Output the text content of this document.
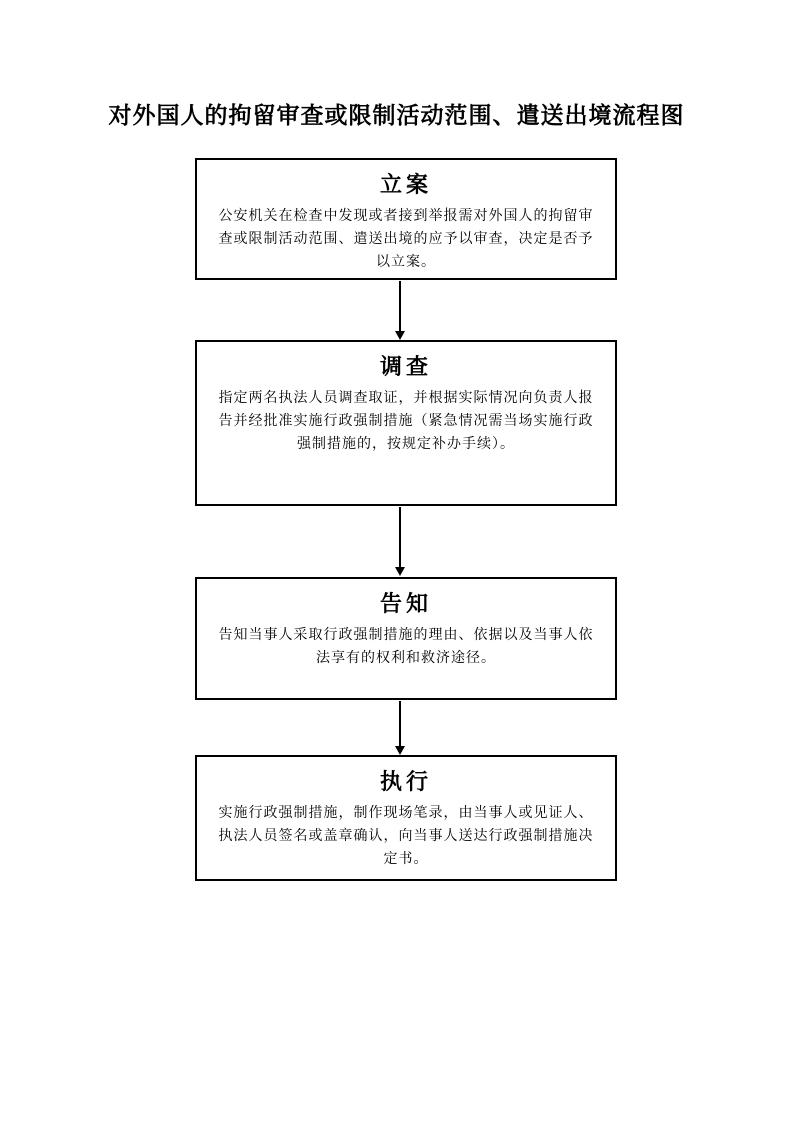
对外国人的拘留审查或限制活动范围、遣送出境流程图
立案
公安机关在检查中发现或者接到举报需对外国人的拘留审查或限制活动范围、遣送出境的应予以审查，决定是否予以立案。
调查
指定两名执法人员调查取证，并根据实际情况向负责人报告并经批准实施行政强制措施（紧急情况需当场实施行政强制措施的，按规定补办手续）。
告知
告知当事人采取行政强制措施的理由、依据以及当事人依法享有的权利和救济途径。
执行
实施行政强制措施，制作现场笔录，由当事人或见证人、执法人员签名或盖章确认，向当事人送达行政强制措施决定书。
